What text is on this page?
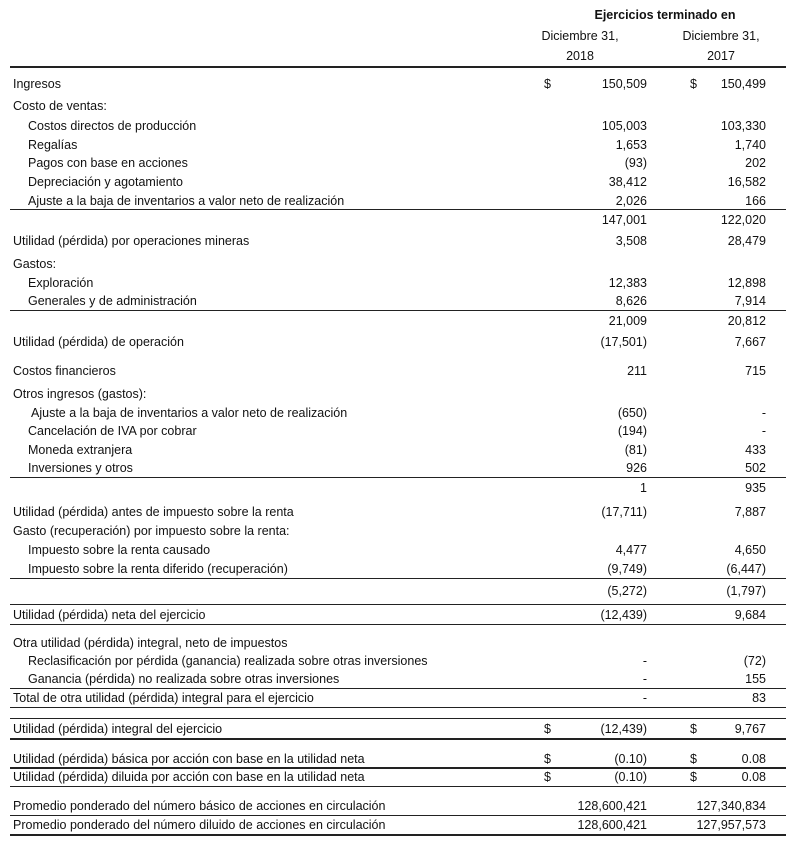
Ejercicios terminado en
Diciembre 31,	Diciembre 31,
2018	2017
Ingresos	$	150,509	$	150,499
Costo de ventas:
Costos directos de producción	105,003	103,330
Regalías	1,653	1,740
Pagos con base en acciones	(93)	202
Depreciación y agotamiento	38,412	16,582
Ajuste a la baja de inventarios a valor neto de realización	2,026	166
147,001	122,020
Utilidad (pérdida) por operaciones mineras	3,508	28,479
Gastos:
Exploración	12,383	12,898
Generales y de administración	8,626	7,914
21,009	20,812
Utilidad (pérdida) de operación	(17,501)	7,667
Costos financieros	211	715
Otros ingresos (gastos):
Ajuste a la baja de inventarios a valor neto de realización	(650)	-
Cancelación de IVA por cobrar	(194)	-
Moneda extranjera	(81)	433
Inversiones y otros	926	502
1	935
Utilidad (pérdida) antes de impuesto sobre la renta	(17,711)	7,887
Gasto (recuperación) por impuesto sobre la renta:
Impuesto sobre la renta causado	4,477	4,650
Impuesto sobre la renta diferido (recuperación)	(9,749)	(6,447)
(5,272)	(1,797)
Utilidad (pérdida) neta del ejercicio	(12,439)	9,684
Otra utilidad (pérdida) integral, neto de impuestos
Reclasificación por pérdida (ganancia) realizada sobre otras inversiones	-	(72)
Ganancia (pérdida) no realizada sobre otras inversiones	-	155
Total de otra utilidad (pérdida) integral para el ejercicio	-	83
Utilidad (pérdida) integral del ejercicio	$	(12,439)	$	9,767
Utilidad (pérdida) básica por acción con base en la utilidad neta	$	(0.10)	$	0.08
Utilidad (pérdida) diluida por acción con base en la utilidad neta	$	(0.10)	$	0.08
Promedio ponderado del número básico de acciones en circulación	128,600,421	127,340,834
Promedio ponderado del número diluido de acciones en circulación	128,600,421	127,957,573
